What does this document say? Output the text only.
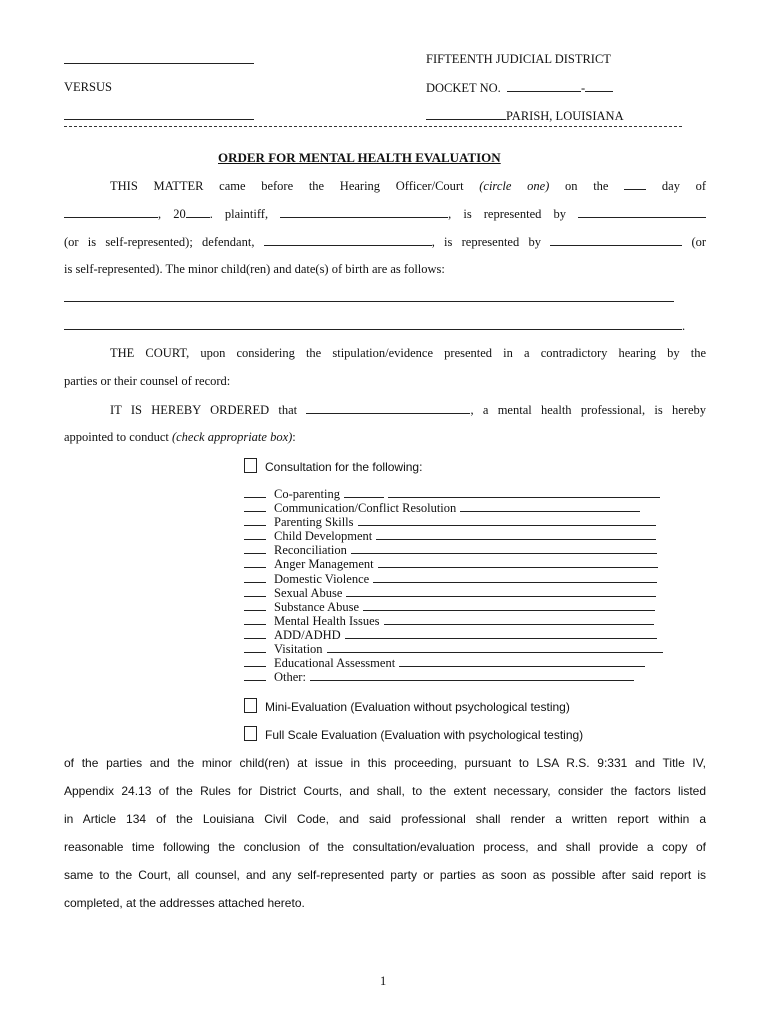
FIFTEENTH JUDICIAL DISTRICT
VERSUS	DOCKET NO.	-
PARISH, LOUISIANA
ORDER FOR MENTAL HEALTH EVALUATION
THIS MATTER came before the Hearing Officer/Court (circle one) on the	day of
, 20 . plaintiff,	, is represented by
(or is self-represented); defendant,	, is represented by	(or
is self-represented). The minor child(ren) and date(s) of birth are as follows:
.
THE COURT, upon considering the stipulation/evidence presented in a contradictory hearing by the
parties or their counsel of record:
IT IS HEREBY ORDERED that	, a mental health professional, is hereby
appointed to conduct (check appropriate box):
Consultation for the following:
Co-parenting
Communication/Conflict Resolution
Parenting Skills
Child Development
Reconciliation
Anger Management
Domestic Violence
Sexual Abuse
Substance Abuse
Mental Health Issues
ADD/ADHD
Visitation
Educational Assessment
Other:
Mini-Evaluation (Evaluation without psychological testing)
Full Scale Evaluation (Evaluation with psychological testing)
of the parties and the minor child(ren) at issue in this proceeding, pursuant to LSA R.S. 9:331 and Title IV,
Appendix 24.13 of the Rules for District Courts, and shall, to the extent necessary, consider the factors listed
in Article 134 of the Louisiana Civil Code, and said professional shall render a written report within a
reasonable time following the conclusion of the consultation/evaluation process, and shall provide a copy of
same to the Court, all counsel, and any self-represented party or parties as soon as possible after said report is
completed, at the addresses attached hereto.
1
